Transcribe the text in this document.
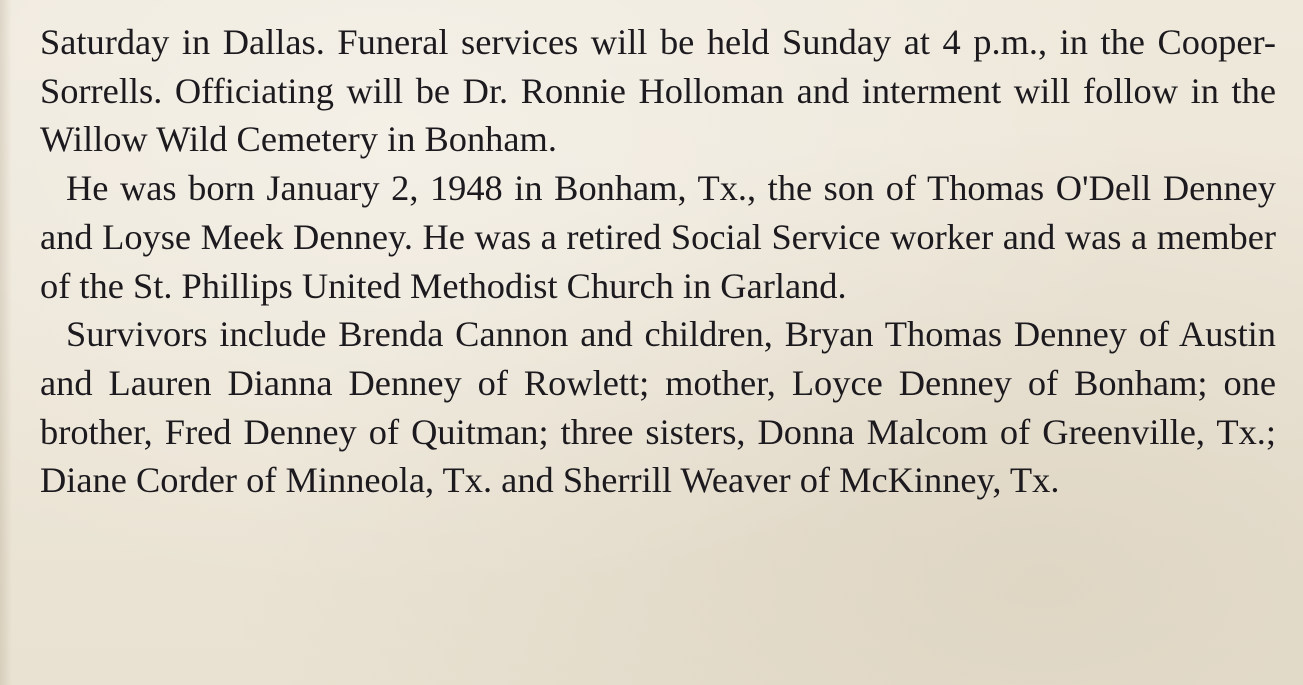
Saturday in Dallas. Funeral services will be held Sunday at 4 p.m., in the Cooper-Sorrells. Officiating will be Dr. Ronnie Holloman and interment will follow in the Willow Wild Cemetery in Bonham.

He was born January 2, 1948 in Bonham, Tx., the son of Thomas O'Dell Denney and Loyse Meek Denney. He was a retired Social Service worker and was a member of the St. Phillips United Methodist Church in Garland.

Survivors include Brenda Cannon and children, Bryan Thomas Denney of Austin and Lauren Dianna Denney of Rowlett; mother, Loyce Denney of Bonham; one brother, Fred Denney of Quitman; three sisters, Donna Malcom of Greenville, Tx.; Diane Corder of Minneola, Tx. and Sherrill Weaver of McKinney, Tx.
